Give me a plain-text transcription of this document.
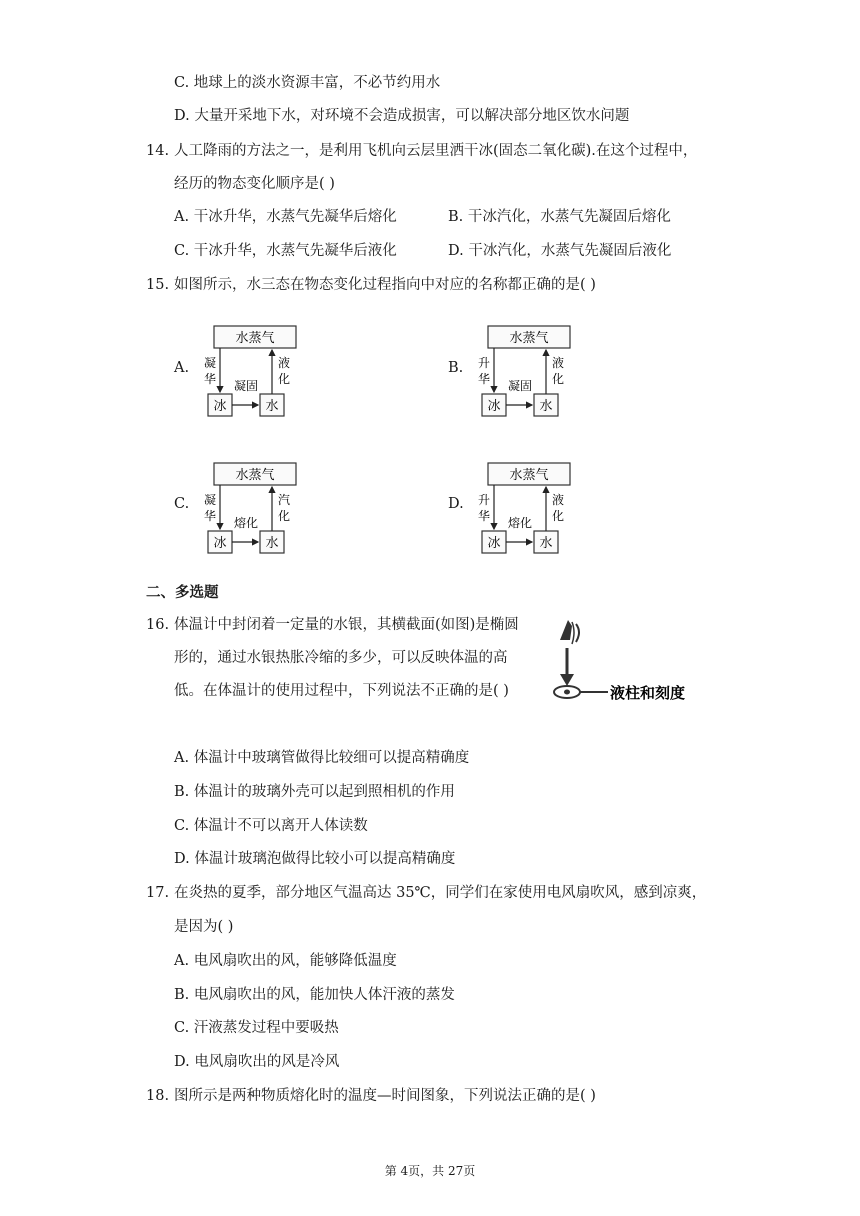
C. 地球上的淡水资源丰富，不必节约用水
D. 大量开采地下水，对环境不会造成损害，可以解决部分地区饮水问题
14. 人工降雨的方法之一，是利用飞机向云层里洒干冰(固态二氧化碳).在这个过程中，
经历的物态变化顺序是( )
A. 干冰升华，水蒸气先凝华后熔化	B. 干冰汽化，水蒸气先凝固后熔化
C. 干冰升华，水蒸气先凝华后液化	D. 干冰汽化，水蒸气先凝固后液化
15. 如图所示，水三态在物态变化过程指向中对应的名称都正确的是( )
A.	B.
C.	D.
水蒸气
冰	水
凝
华
液
化
凝固
水蒸气
冰	水
升
华
液
化
凝固
水蒸气
冰	水
凝
华
汽
化
熔化
水蒸气
冰	水
升
华
液
化
熔化
二、多选题
16. 体温计中封闭着一定量的水银，其横截面(如图)是椭圆
形的，通过水银热胀冷缩的多少，可以反映体温的高
低。在体温计的使用过程中，下列说法不正确的是( )	液柱和刻度
A. 体温计中玻璃管做得比较细可以提高精确度
B. 体温计的玻璃外壳可以起到照相机的作用
C. 体温计不可以离开人体读数
D. 体温计玻璃泡做得比较小可以提高精确度
17. 在炎热的夏季，部分地区气温高达 35℃，同学们在家使用电风扇吹风，感到凉爽，
是因为( )
A. 电风扇吹出的风，能够降低温度
B. 电风扇吹出的风，能加快人体汗液的蒸发
C. 汗液蒸发过程中要吸热
D. 电风扇吹出的风是冷风
18. 图所示是两种物质熔化时的温度—时间图象，下列说法正确的是( )
第 4页，共 27页
